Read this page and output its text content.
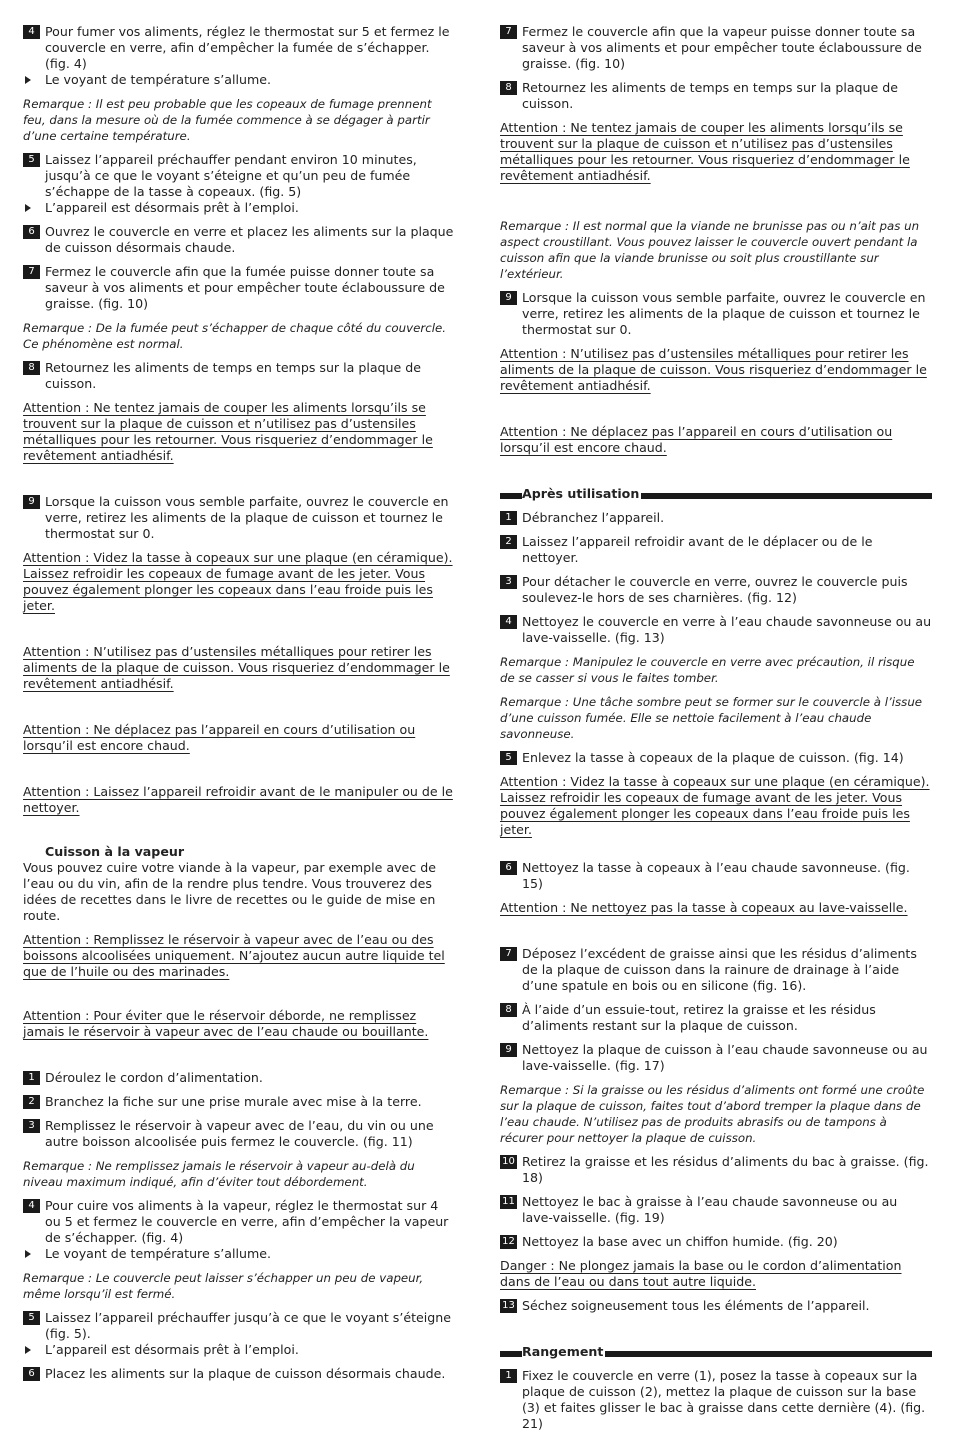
4 Pour fumer vos aliments, réglez le thermostat sur 5 et fermez le couvercle en verre, afin d’empêcher la fumée de s’échapper. (fig. 4)
Le voyant de température s’allume.
Remarque : Il est peu probable que les copeaux de fumage prennent feu, dans la mesure où de la fumée commence à se dégager à partir d’une certaine température.
5 Laissez l’appareil préchauffer pendant environ 10 minutes, jusqu’à ce que le voyant s’éteigne et qu’un peu de fumée s’échappe de la tasse à copeaux. (fig. 5)
L’appareil est désormais prêt à l’emploi.
6 Ouvrez le couvercle en verre et placez les aliments sur la plaque de cuisson désormais chaude.
7 Fermez le couvercle afin que la fumée puisse donner toute sa saveur à vos aliments et pour empêcher toute éclaboussure de graisse. (fig. 10)
Remarque : De la fumée peut s’échapper de chaque côté du couvercle. Ce phénomène est normal.
8 Retournez les aliments de temps en temps sur la plaque de cuisson.
Attention : Ne tentez jamais de couper les aliments lorsqu’ils se trouvent sur la plaque de cuisson et n’utilisez pas d’ustensiles métalliques pour les retourner. Vous risqueriez d’endommager le revêtement antiadhésif.
9 Lorsque la cuisson vous semble parfaite, ouvrez le couvercle en verre, retirez les aliments de la plaque de cuisson et tournez le thermostat sur 0.
Attention : Videz la tasse à copeaux sur une plaque (en céramique). Laissez refroidir les copeaux de fumage avant de les jeter. Vous pouvez également plonger les copeaux dans l’eau froide puis les jeter.
Attention : N’utilisez pas d’ustensiles métalliques pour retirer les aliments de la plaque de cuisson. Vous risqueriez d’endommager le revêtement antiadhésif.
Attention : Ne déplacez pas l’appareil en cours d’utilisation ou lorsqu’il est encore chaud.
Attention : Laissez l’appareil refroidir avant de le manipuler ou de le nettoyer.
Cuisson à la vapeur
Vous pouvez cuire votre viande à la vapeur, par exemple avec de l’eau ou du vin, afin de la rendre plus tendre. Vous trouverez des idées de recettes dans le livre de recettes ou le guide de mise en route.
Attention : Remplissez le réservoir à vapeur avec de l’eau ou des boissons alcoolisées uniquement. N’ajoutez aucun autre liquide tel que de l’huile ou des marinades.
Attention : Pour éviter que le réservoir déborde, ne remplissez jamais le réservoir à vapeur avec de l’eau chaude ou bouillante.
1 Déroulez le cordon d’alimentation.
2 Branchez la fiche sur une prise murale avec mise à la terre.
3 Remplissez le réservoir à vapeur avec de l’eau, du vin ou une autre boisson alcoolisée puis fermez le couvercle. (fig. 11)
Remarque : Ne remplissez jamais le réservoir à vapeur au-delà du niveau maximum indiqué, afin d’éviter tout débordement.
4 Pour cuire vos aliments à la vapeur, réglez le thermostat sur 4 ou 5 et fermez le couvercle en verre, afin d’empêcher la vapeur de s’échapper. (fig. 4)
Le voyant de température s’allume.
Remarque : Le couvercle peut laisser s’échapper un peu de vapeur, même lorsqu’il est fermé.
5 Laissez l’appareil préchauffer jusqu’à ce que le voyant s’éteigne (fig. 5).
L’appareil est désormais prêt à l’emploi.
6 Placez les aliments sur la plaque de cuisson désormais chaude.
7 Fermez le couvercle afin que la vapeur puisse donner toute sa saveur à vos aliments et pour empêcher toute éclaboussure de graisse. (fig. 10)
8 Retournez les aliments de temps en temps sur la plaque de cuisson.
Attention : Ne tentez jamais de couper les aliments lorsqu’ils se trouvent sur la plaque de cuisson et n’utilisez pas d’ustensiles métalliques pour les retourner. Vous risqueriez d’endommager le revêtement antiadhésif.
Remarque : Il est normal que la viande ne brunisse pas ou n’ait pas un aspect croustillant. Vous pouvez laisser le couvercle ouvert pendant la cuisson afin que la viande brunisse ou soit plus croustillante sur l’extérieur.
9 Lorsque la cuisson vous semble parfaite, ouvrez le couvercle en verre, retirez les aliments de la plaque de cuisson et tournez le thermostat sur 0.
Attention : N’utilisez pas d’ustensiles métalliques pour retirer les aliments de la plaque de cuisson. Vous risqueriez d’endommager le revêtement antiadhésif.
Attention : Ne déplacez pas l’appareil en cours d’utilisation ou lorsqu’il est encore chaud.
Après utilisation
1 Débranchez l’appareil.
2 Laissez l’appareil refroidir avant de le déplacer ou de le nettoyer.
3 Pour détacher le couvercle en verre, ouvrez le couvercle puis soulevez-le hors de ses charnières. (fig. 12)
4 Nettoyez le couvercle en verre à l’eau chaude savonneuse ou au lave-vaisselle. (fig. 13)
Remarque : Manipulez le couvercle en verre avec précaution, il risque de se casser si vous le faites tomber.
Remarque : Une tâche sombre peut se former sur le couvercle à l’issue d’une cuisson fumée. Elle se nettoie facilement à l’eau chaude savonneuse.
5 Enlevez la tasse à copeaux de la plaque de cuisson. (fig. 14)
Attention : Videz la tasse à copeaux sur une plaque (en céramique). Laissez refroidir les copeaux de fumage avant de les jeter. Vous pouvez également plonger les copeaux dans l’eau froide puis les jeter.
6 Nettoyez la tasse à copeaux à l’eau chaude savonneuse. (fig. 15)
Attention : Ne nettoyez pas la tasse à copeaux au lave-vaisselle.
7 Déposez l’excédent de graisse ainsi que les résidus d’aliments de la plaque de cuisson dans la rainure de drainage à l’aide d’une spatule en bois ou en silicone (fig. 16).
8 À l’aide d’un essuie-tout, retirez la graisse et les résidus d’aliments restant sur la plaque de cuisson.
9 Nettoyez la plaque de cuisson à l’eau chaude savonneuse ou au lave-vaisselle. (fig. 17)
Remarque : Si la graisse ou les résidus d’aliments ont formé une croûte sur la plaque de cuisson, faites tout d’abord tremper la plaque dans de l’eau chaude. N’utilisez pas de produits abrasifs ou de tampons à récurer pour nettoyer la plaque de cuisson.
10 Retirez la graisse et les résidus d’aliments du bac à graisse. (fig. 18)
11 Nettoyez le bac à graisse à l’eau chaude savonneuse ou au lave-vaisselle. (fig. 19)
12 Nettoyez la base avec un chiffon humide. (fig. 20)
Danger : Ne plongez jamais la base ou le cordon d’alimentation dans de l’eau ou dans tout autre liquide.
13 Séchez soigneusement tous les éléments de l’appareil.
Rangement
1 Fixez le couvercle en verre (1), posez la tasse à copeaux sur la plaque de cuisson (2), mettez la plaque de cuisson sur la base (3) et faites glisser le bac à graisse dans cette dernière (4). (fig. 21)
